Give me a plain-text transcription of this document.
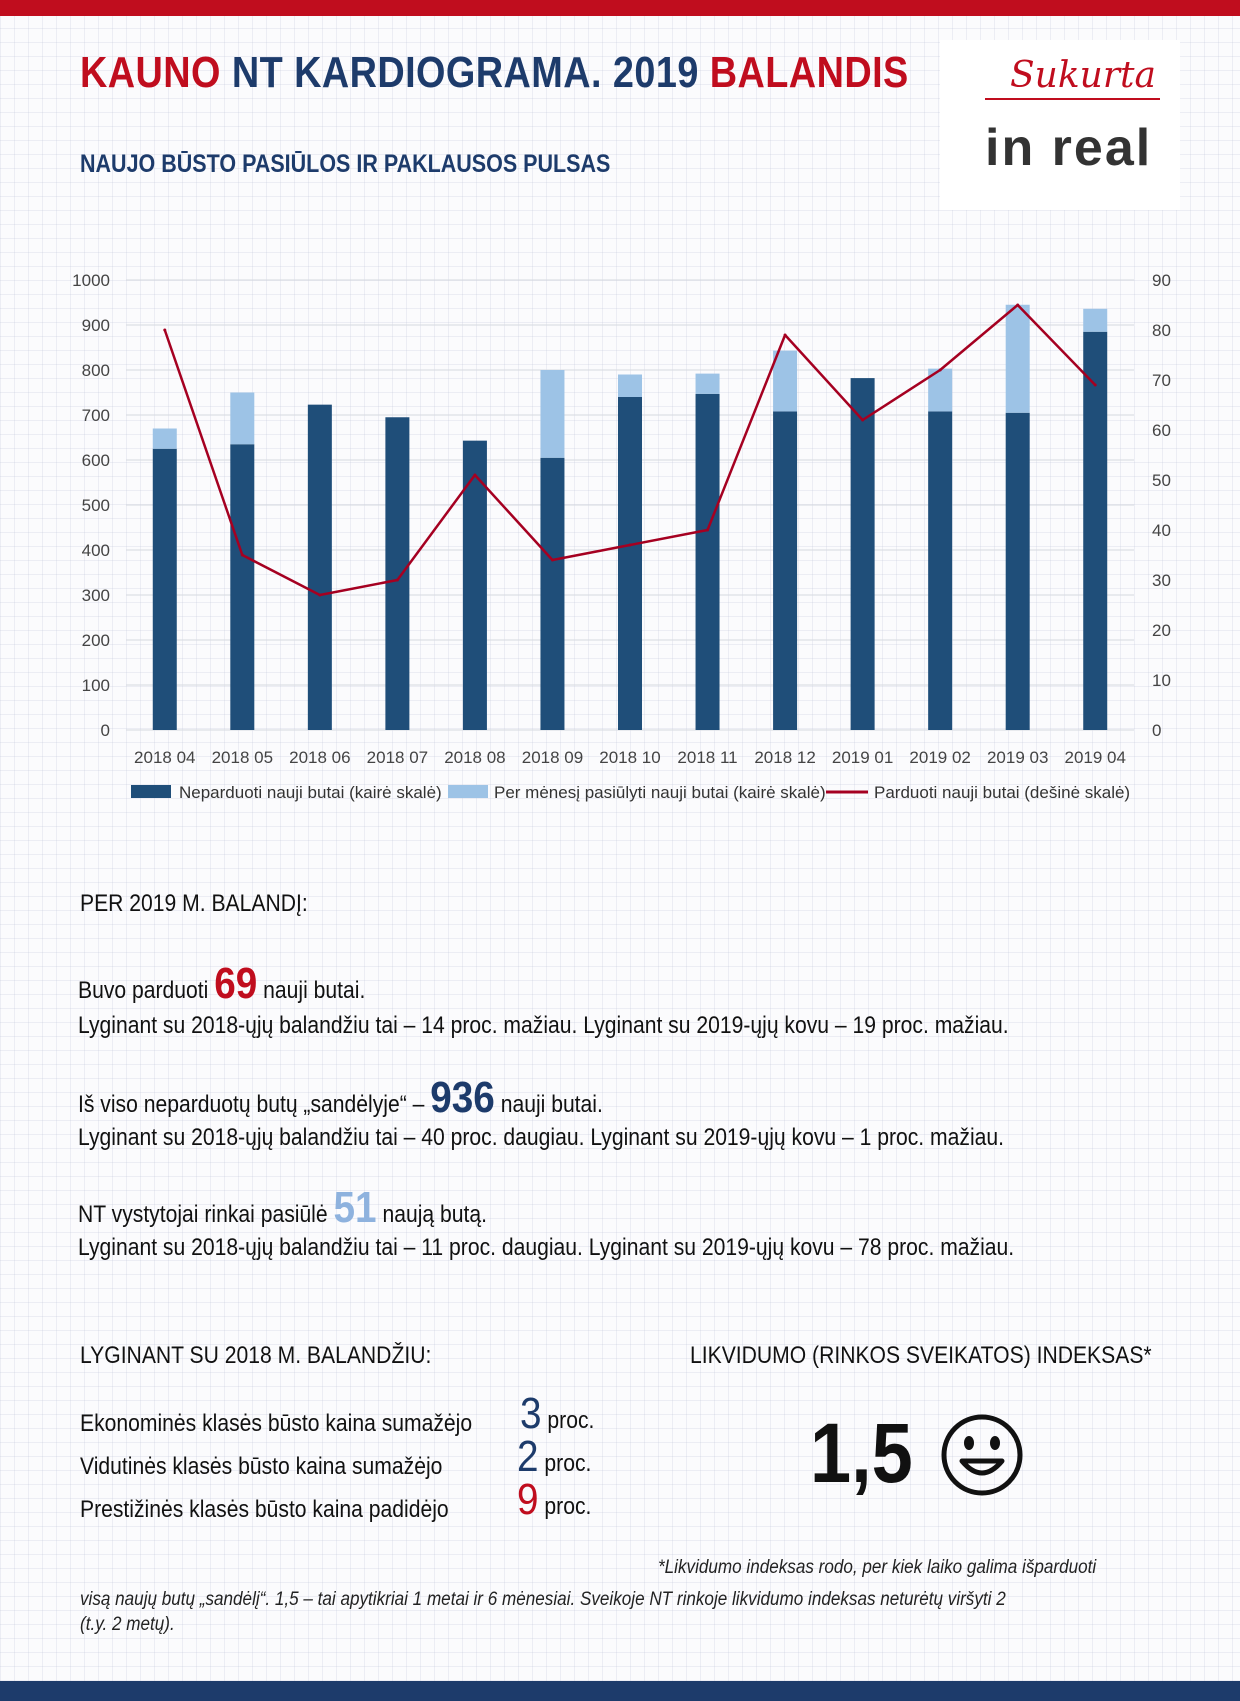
KAUNO NT KARDIOGRAMA. 2019 BALANDIS
NAUJO BŪSTO PASIŪLOS IR PAKLAUSOS PULSAS
Sukurta
in real
0
100
200
300
400
500
600
700
800
900
1000
0
10
20
30
40
50
60
70
80
90
2018 04 2018 05 2018 06 2018 07 2018 08 2018 09 2018 10 2018 11 2018 12 2019 01 2019 02 2019 03 2019 04
Neparduoti nauji butai (kairė skalė)	Per mėnesį pasiūlyti nauji butai (kairė skalė)	Parduoti nauji butai (dešinė skalė)
PER 2019 M. BALANDĮ:
Buvo parduoti 69 nauji butai.
Lyginant su 2018-ųjų balandžiu tai – 14 proc. mažiau. Lyginant su 2019-ųjų kovu – 19 proc. mažiau.
Iš viso neparduotų butų „sandėlyje“ – 936 nauji butai.
Lyginant su 2018-ųjų balandžiu tai – 40 proc. daugiau. Lyginant su 2019-ųjų kovu – 1 proc. mažiau.
NT vystytojai rinkai pasiūlė 51 naują butą.
Lyginant su 2018-ųjų balandžiu tai – 11 proc. daugiau. Lyginant su 2019-ųjų kovu – 78 proc. mažiau.
LYGINANT SU 2018 M. BALANDŽIU:
Ekonominės klasės būsto kaina sumažėjo 3 proc.
Vidutinės klasės būsto kaina sumažėjo 2 proc.
Prestižinės klasės būsto kaina padidėjo 9 proc.
LIKVIDUMO (RINKOS SVEIKATOS) INDEKSAS*
1,5
*Likvidumo indeksas rodo, per kiek laiko galima išparduoti
visą naujų butų „sandėlį“. 1,5 – tai apytikriai 1 metai ir 6 mėnesiai. Sveikoje NT rinkoje likvidumo indeksas neturėtų viršyti 2
(t.y. 2 metų).
